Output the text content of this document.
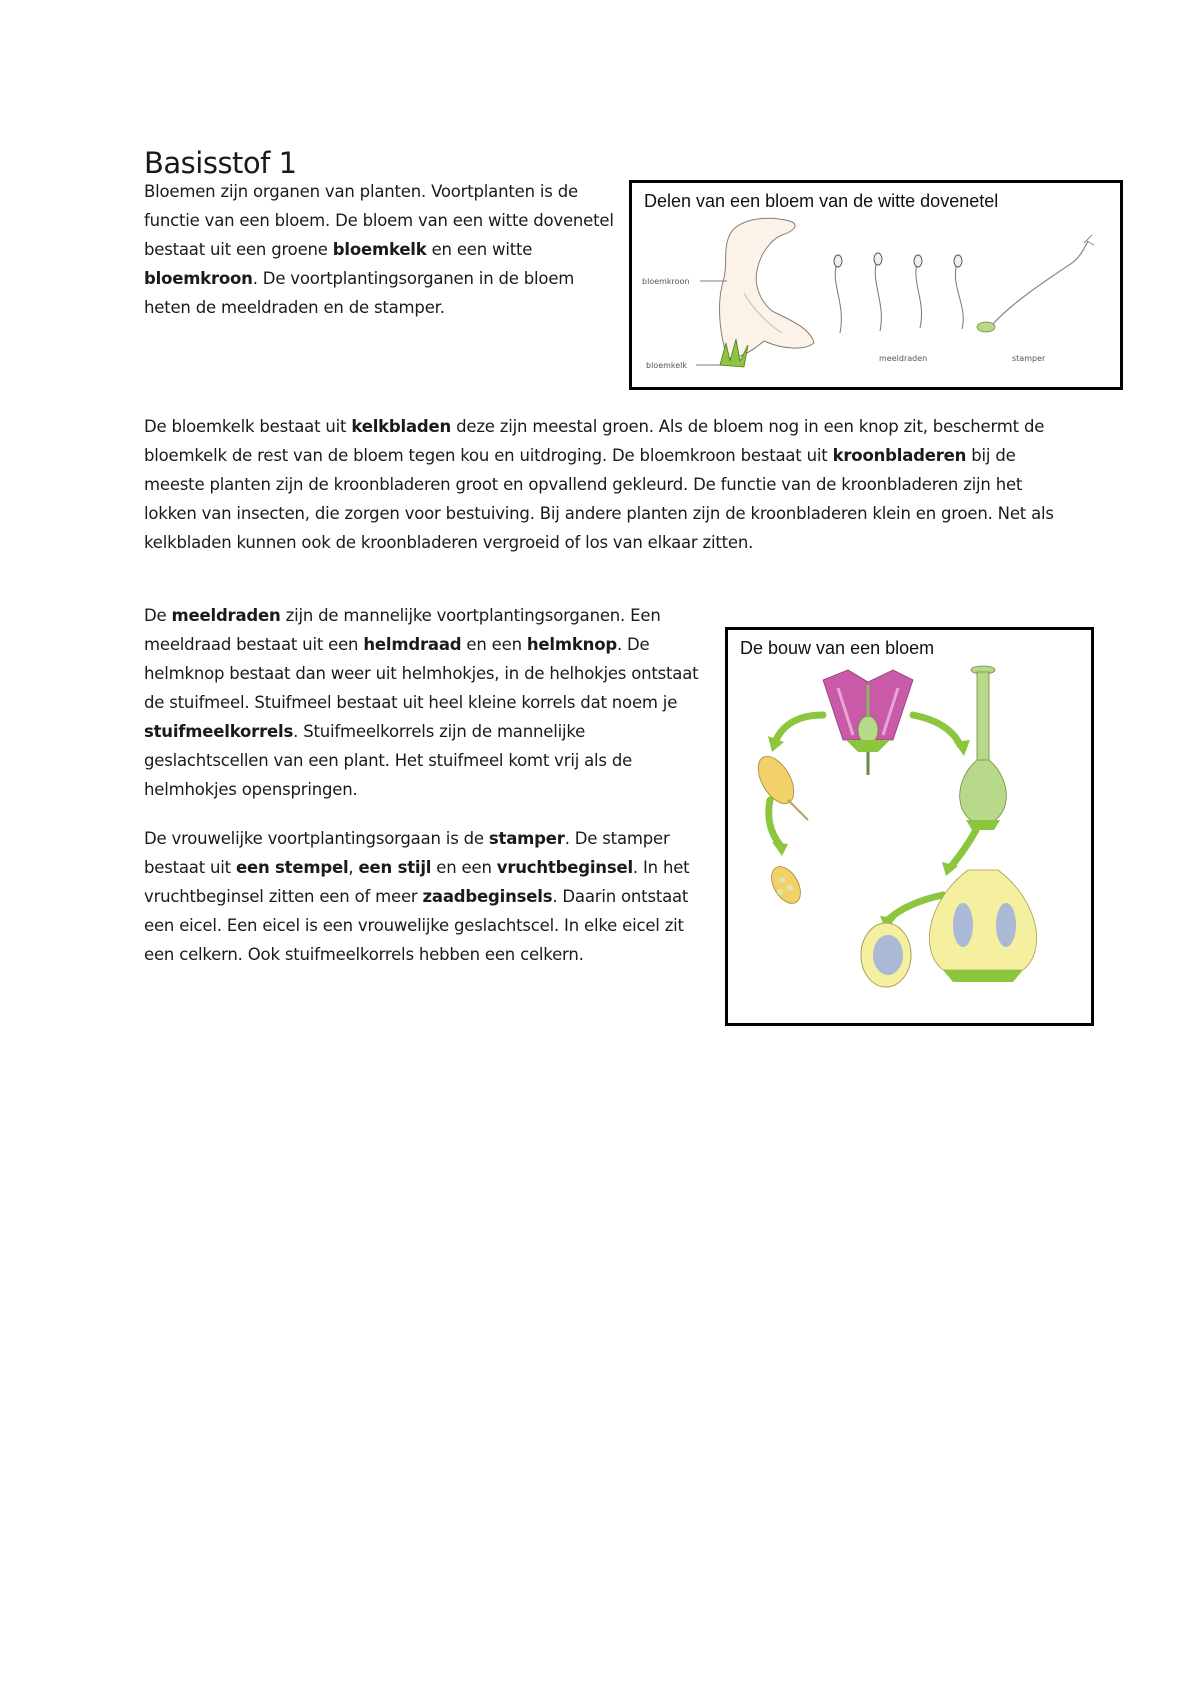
Basisstof 1

Bloemen zijn organen van planten. Voortplanten is de functie van een bloem. De bloem van een witte dovenetel bestaat uit een groene bloemkelk en een witte bloemkroon. De voortplantingsorganen in de bloem heten de meeldraden en de stamper.

Delen van een bloem van de witte dovenetel

bloemkroon
bloemkelk
meeldraden	stamper

De bloemkelk bestaat uit kelkbladen deze zijn meestal groen. Als de bloem nog in een knop zit, beschermt de bloemkelk de rest van de bloem tegen kou en uitdroging. De bloemkroon bestaat uit kroonbladeren bij de meeste planten zijn de kroonbladeren groot en opvallend gekleurd. De functie van de kroonbladeren zijn het lokken van insecten, die zorgen voor bestuiving. Bij andere planten zijn de kroonbladeren klein en groen. Net als kelkbladen kunnen ook de kroonbladeren vergroeid of los van elkaar zitten.

De meeldraden zijn de mannelijke voortplantingsorganen. Een meeldraad bestaat uit een helmdraad en een helmknop. De helmknop bestaat dan weer uit helmhokjes, in de helhokjes ontstaat de stuifmeel. Stuifmeel bestaat uit heel kleine korrels dat noem je stuifmeelkorrels. Stuifmeelkorrels zijn de mannelijke geslachtscellen van een plant. Het stuifmeel komt vrij als de helmhokjes openspringen.

De bouw van een bloem

De vrouwelijke voortplantingsorgaan is de stamper. De stamper bestaat uit een stempel, een stijl en een vruchtbeginsel. In het vruchtbeginsel zitten een of meer zaadbeginsels. Daarin ontstaat een eicel. Een eicel is een vrouwelijke geslachtscel. In elke eicel zit een celkern. Ook stuifmeelkorrels hebben een celkern.
